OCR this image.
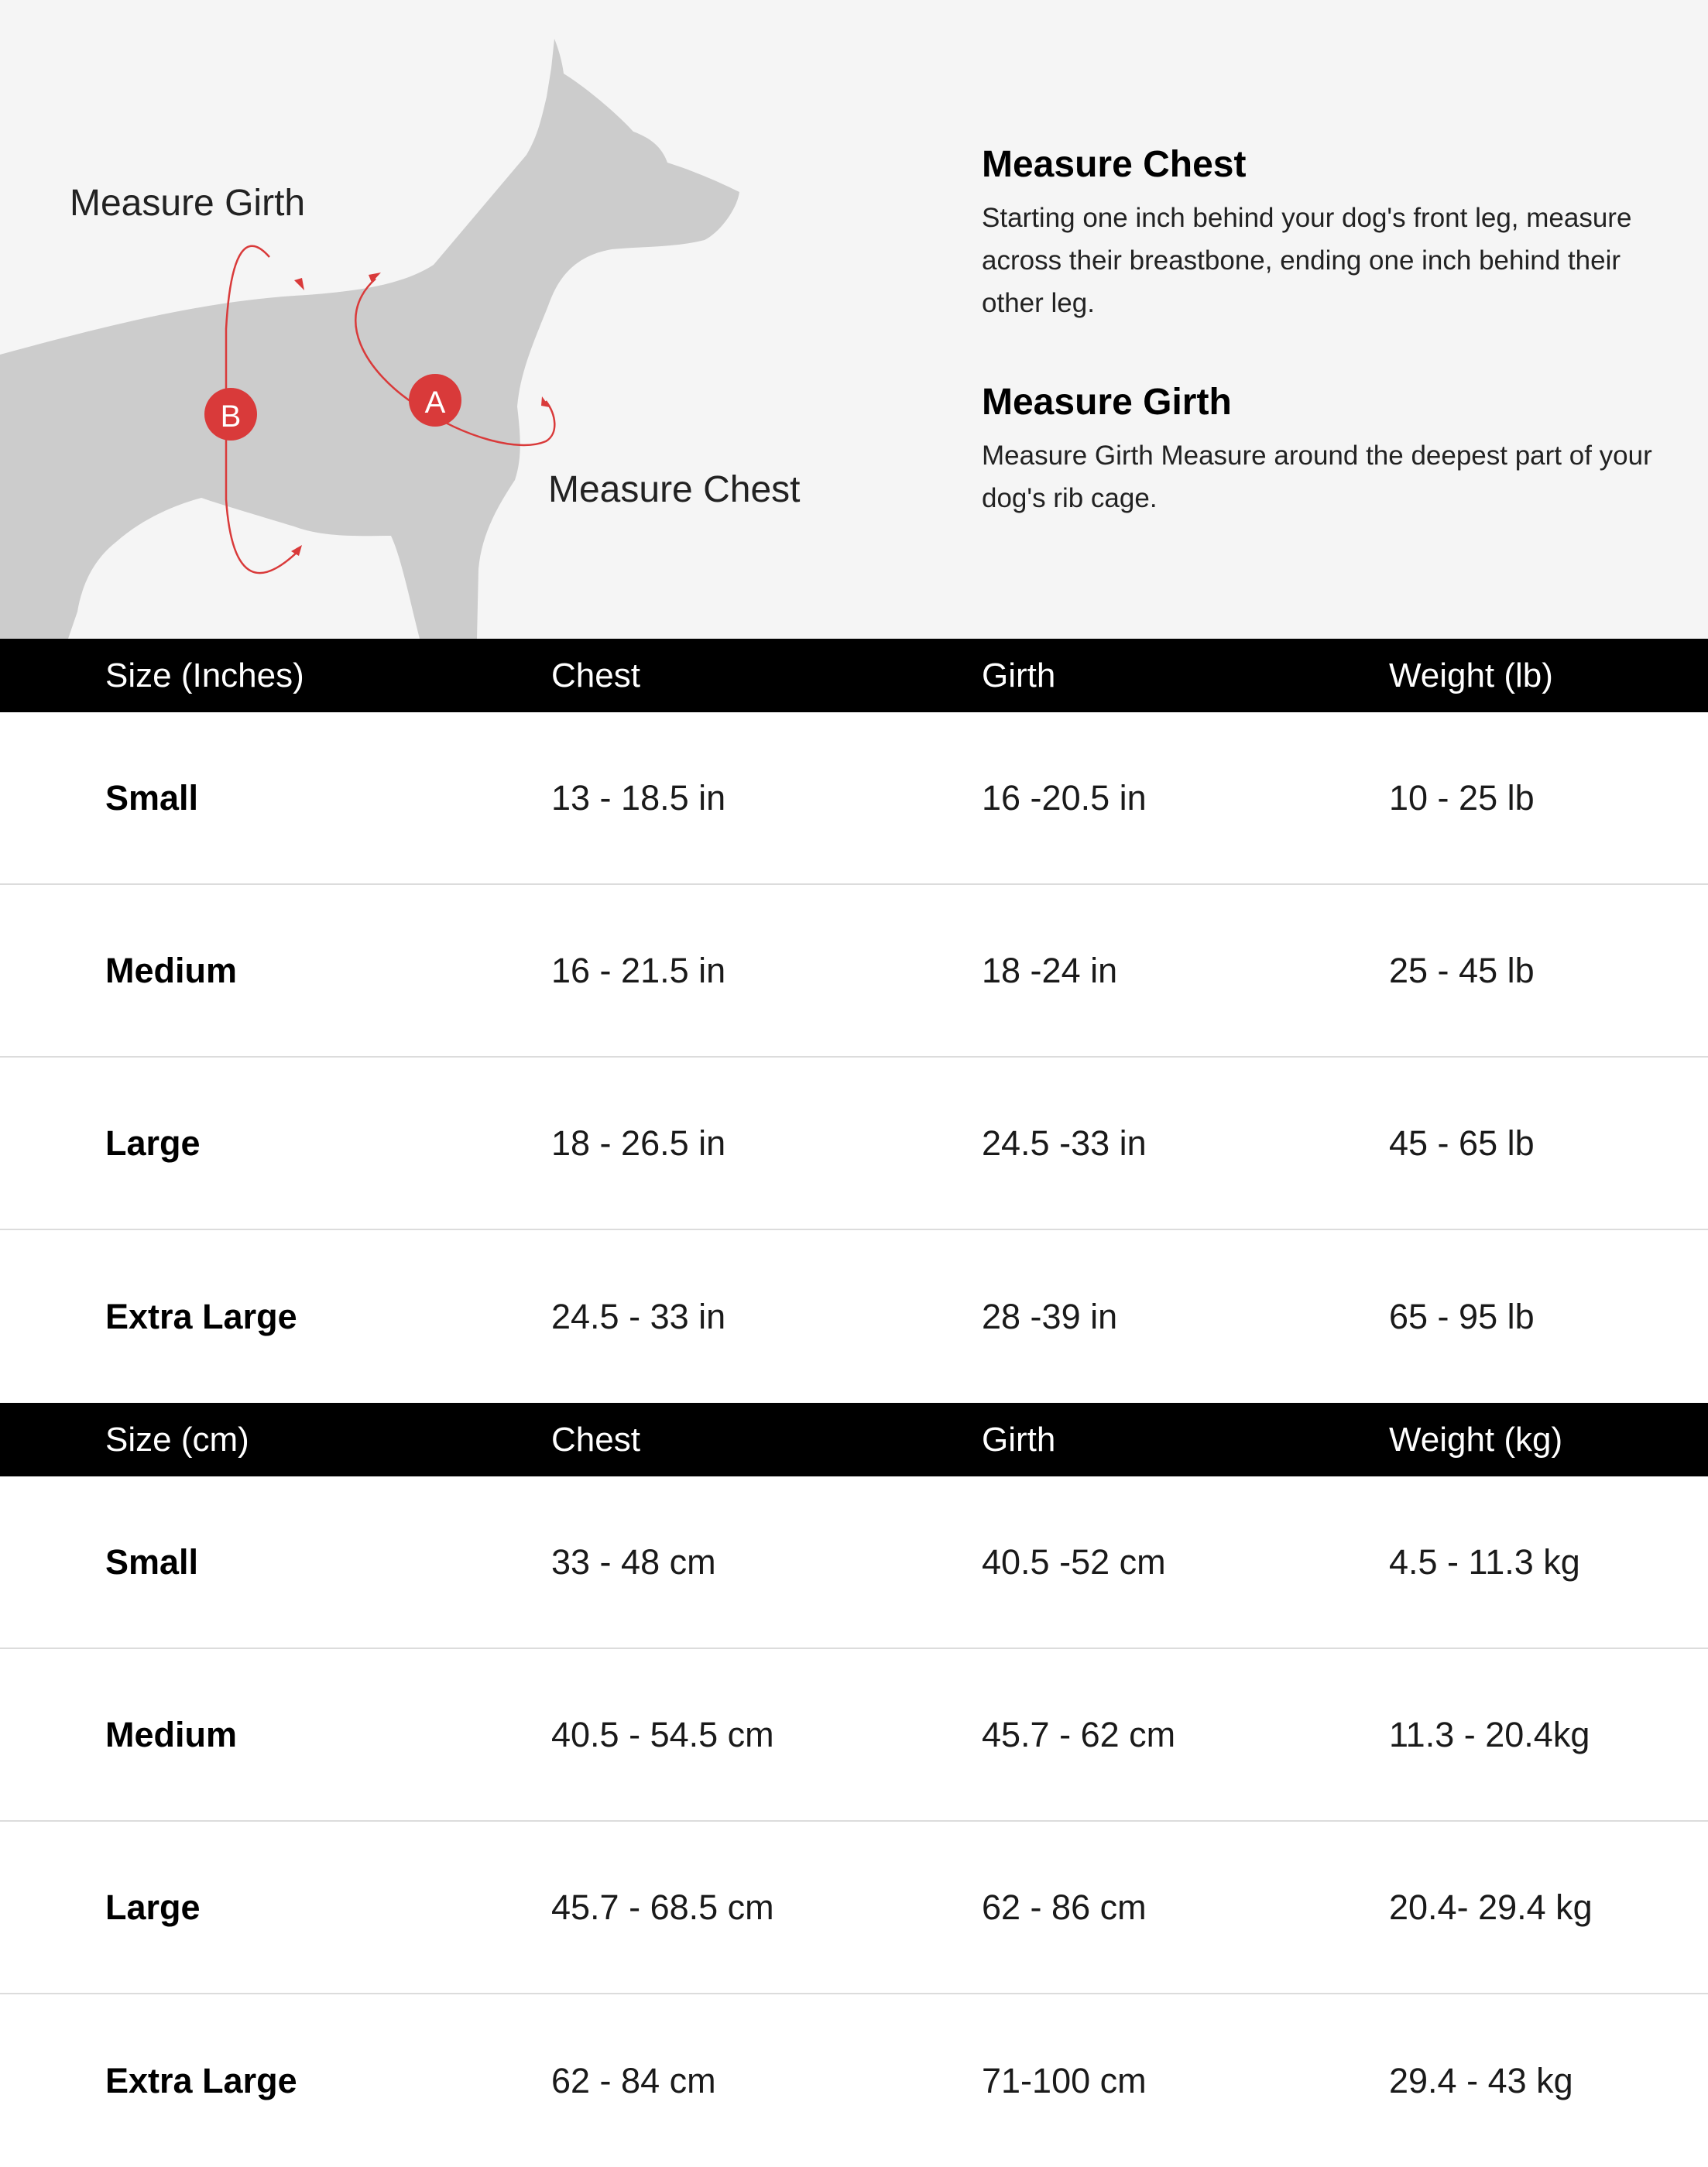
B	A
Measure Girth
Measure Chest
Measure Chest

Starting one inch behind your dog's front leg, measure across their breastbone, ending one inch behind their other leg.

Measure Girth

Measure Girth Measure around the deepest part of your dog's rib cage.

Size (Inches)	Chest	Girth	Weight (lb)
Small	13 - 18.5 in	16 -20.5 in	10 - 25 lb
Medium	16 - 21.5 in	18 -24 in	25 - 45 lb
Large	18 - 26.5 in	24.5 -33 in	45 - 65 lb
Extra Large	24.5 - 33 in	28 -39 in	65 - 95 lb
Size (cm)	Chest	Girth	Weight (kg)
Small	33 - 48 cm	40.5 -52 cm	4.5 - 11.3 kg
Medium	40.5 - 54.5 cm	45.7 - 62 cm	11.3 - 20.4kg
Large	45.7 - 68.5 cm	62 - 86 cm	20.4- 29.4 kg
Extra Large	62 - 84 cm	71-100 cm	29.4 - 43 kg
